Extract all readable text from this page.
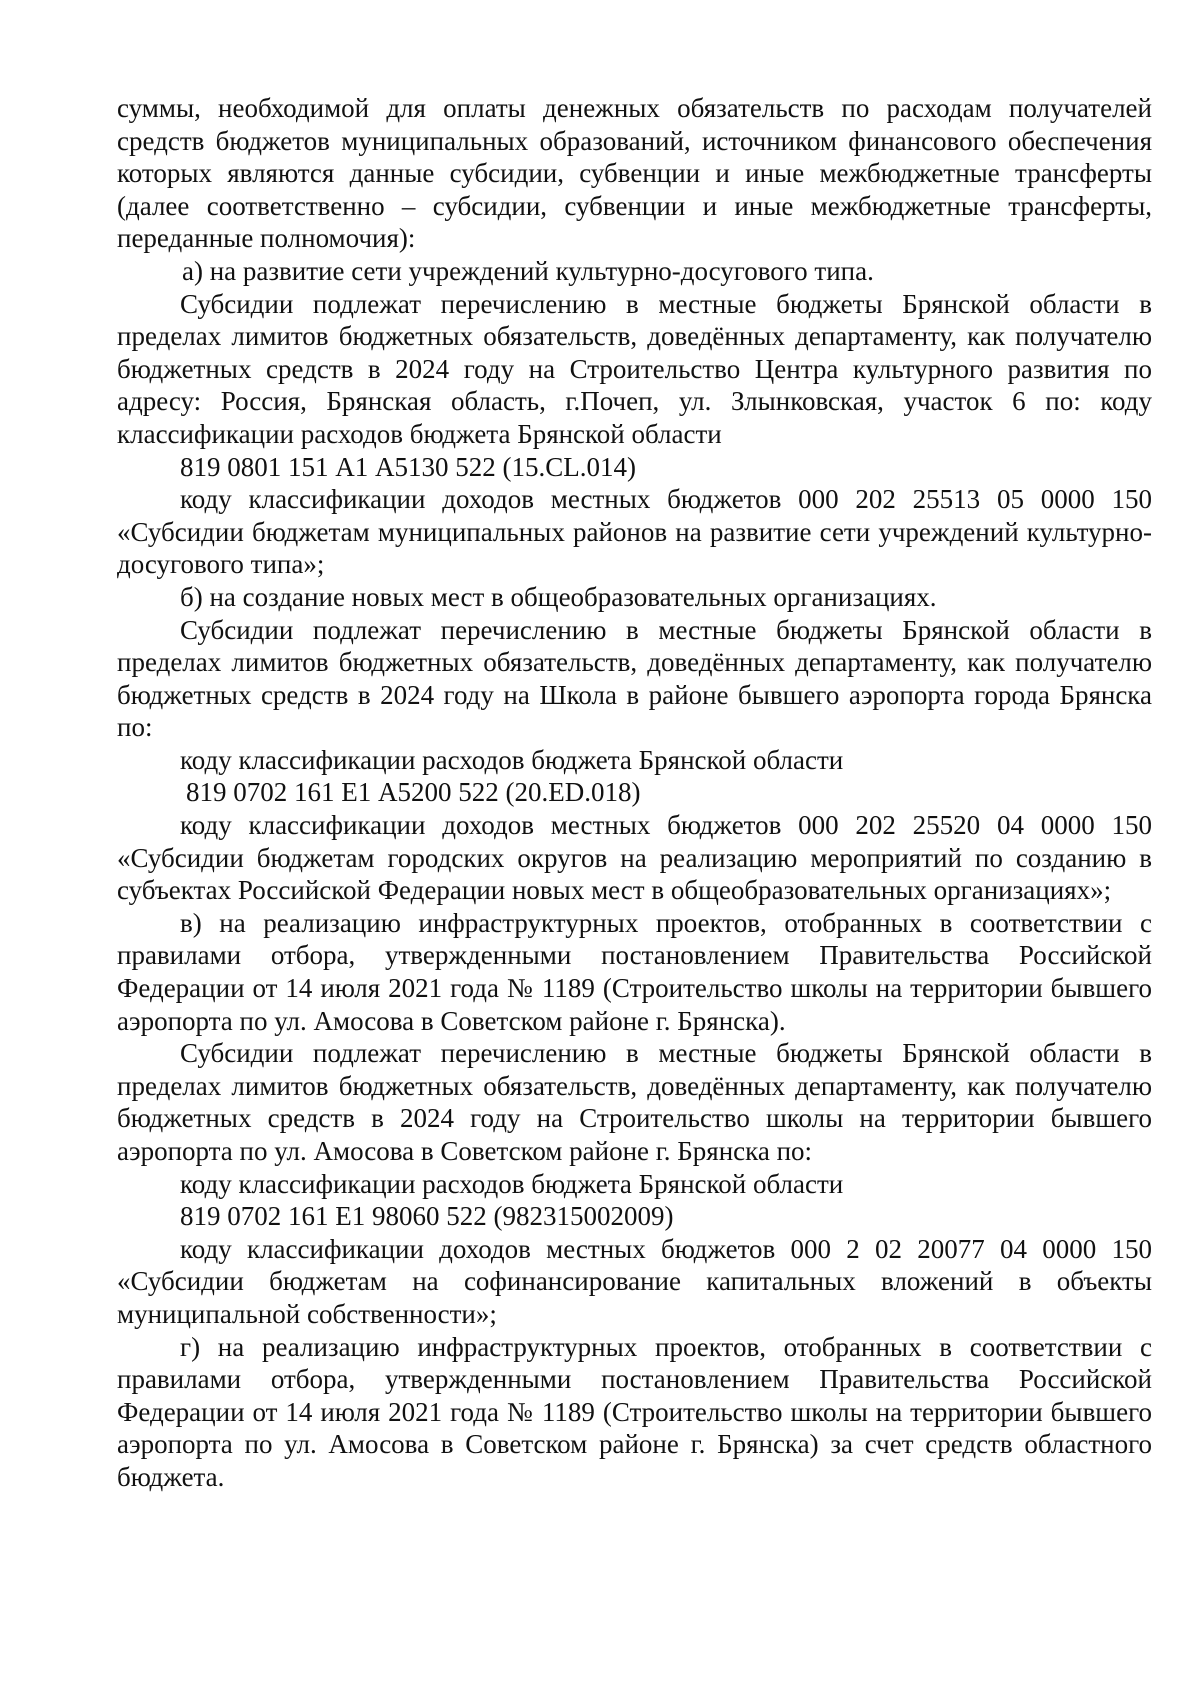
суммы, необходимой для оплаты денежных обязательств по расходам получателей средств бюджетов муниципальных образований, источником финансового обеспечения которых являются данные субсидии, субвенции и иные межбюджетные трансферты (далее соответственно – субсидии, субвенции и иные межбюджетные трансферты, переданные полномочия):

а) на развитие сети учреждений культурно-досугового типа.

Субсидии подлежат перечислению в местные бюджеты Брянской области в пределах лимитов бюджетных обязательств, доведённых департаменту, как получателю бюджетных средств в 2024 году на Строительство Центра культурного развития по адресу: Россия, Брянская область, г.Почеп, ул. Злынковская, участок 6 по: коду классификации расходов бюджета Брянской области

819 0801 151 А1 А5130 522 (15.CL.014)

коду классификации доходов местных бюджетов 000 202 25513 05 0000 150 «Субсидии бюджетам муниципальных районов на развитие сети учреждений культурно-досугового типа»;

б) на создание новых мест в общеобразовательных организациях.

Субсидии подлежат перечислению в местные бюджеты Брянской области в пределах лимитов бюджетных обязательств, доведённых департаменту, как получателю бюджетных средств в 2024 году на Школа в районе бывшего аэропорта города Брянска по:

коду классификации расходов бюджета Брянской области

819 0702 161 Е1 А5200 522 (20.ED.018)

коду классификации доходов местных бюджетов 000 202 25520 04 0000 150 «Субсидии бюджетам городских округов на реализацию мероприятий по созданию в субъектах Российской Федерации новых мест в общеобразовательных организациях»;

в) на реализацию инфраструктурных проектов, отобранных в соответствии с правилами отбора, утвержденными постановлением Правительства Российской Федерации от 14 июля 2021 года № 1189 (Строительство школы на территории бывшего аэропорта по ул. Амосова в Советском районе г. Брянска).

Субсидии подлежат перечислению в местные бюджеты Брянской области в пределах лимитов бюджетных обязательств, доведённых департаменту, как получателю бюджетных средств в 2024 году на Строительство школы на территории бывшего аэропорта по ул. Амосова в Советском районе г. Брянска по:

коду классификации расходов бюджета Брянской области

819 0702 161 Е1 98060 522 (982315002009)

коду классификации доходов местных бюджетов 000 2 02 20077 04 0000 150 «Субсидии бюджетам на софинансирование капитальных вложений в объекты муниципальной собственности»;

г) на реализацию инфраструктурных проектов, отобранных в соответствии с правилами отбора, утвержденными постановлением Правительства Российской Федерации от 14 июля 2021 года № 1189 (Строительство школы на территории бывшего аэропорта по ул. Амосова в Советском районе г. Брянска) за счет средств областного бюджета.
